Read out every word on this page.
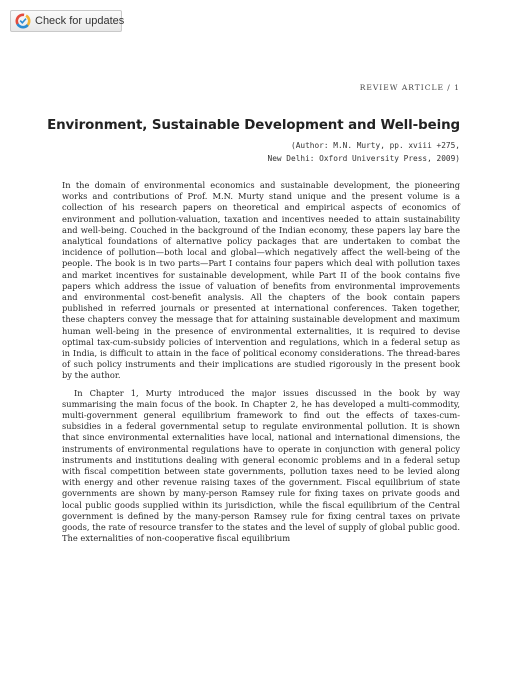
Check for updates
REVIEW ARTICLE / 1
Environment, Sustainable Development and Well-being
(Author: M.N. Murty, pp. xviii +275,
New Delhi: Oxford University Press, 2009)

In the domain of environmental economics and sustainable development, the pioneering works and contributions of Prof. M.N. Murty stand unique and the present volume is a collection of his research papers on theoretical and empirical aspects of economics of environment and pollution-valuation, taxation and incentives needed to attain sustainability and well-being. Couched in the background of the Indian economy, these papers lay bare the analytical foundations of alternative policy packages that are undertaken to combat the incidence of pollution—both local and global—which negatively affect the well-being of the people. The book is in two parts—Part I contains four papers which deal with pollution taxes and market incentives for sustainable development, while Part II of the book contains five papers which address the issue of valuation of benefits from environmental improvements and environmental cost-benefit analysis. All the chapters of the book contain papers published in referred journals or presented at international conferences. Taken together, these chapters convey the message that for attaining sustainable development and maximum human well-being in the presence of environmental externalities, it is required to devise optimal tax-cum-subsidy policies of intervention and regulations, which in a federal setup as in India, is difficult to attain in the face of political economy considerations. The thread-bares of such policy instruments and their implications are studied rigorously in the present book by the author.

In Chapter 1, Murty introduced the major issues discussed in the book by way summarising the main focus of the book. In Chapter 2, he has developed a multi-commodity, multi-government general equilibrium framework to find out the effects of taxes-cum-subsidies in a federal governmental setup to regulate environmental pollution. It is shown that since environmental externalities have local, national and international dimensions, the instruments of environmental regulations have to operate in conjunction with general policy instruments and institutions dealing with general economic problems and in a federal setup with fiscal competition between state governments, pollution taxes need to be levied along with energy and other revenue raising taxes of the government. Fiscal equilibrium of state governments are shown by many-person Ramsey rule for fixing taxes on private goods and local public goods supplied within its jurisdiction, while the fiscal equilibrium of the Central government is defined by the many-person Ramsey rule for fixing central taxes on private goods, the rate of resource transfer to the states and the level of supply of global public good. The externalities of non-cooperative fiscal equilibrium
